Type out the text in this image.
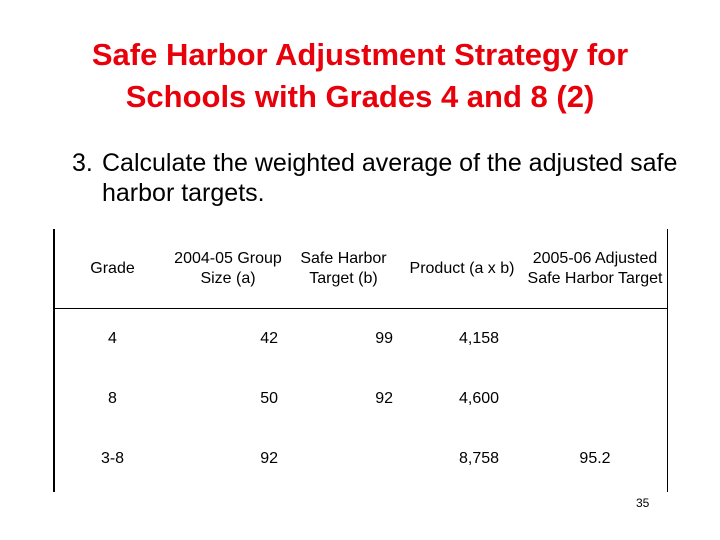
Safe Harbor Adjustment Strategy for
Schools with Grades 4 and 8 (2)
3. Calculate the weighted average of the adjusted safe harbor targets.
Grade	2004-05 Group Size (a)	Safe Harbor Target (b)	Product (a x b)	2005-06 Adjusted Safe Harbor Target
4	42	99	4,158	
8	50	92	4,600	
3-8	92		8,758	95.2
35
